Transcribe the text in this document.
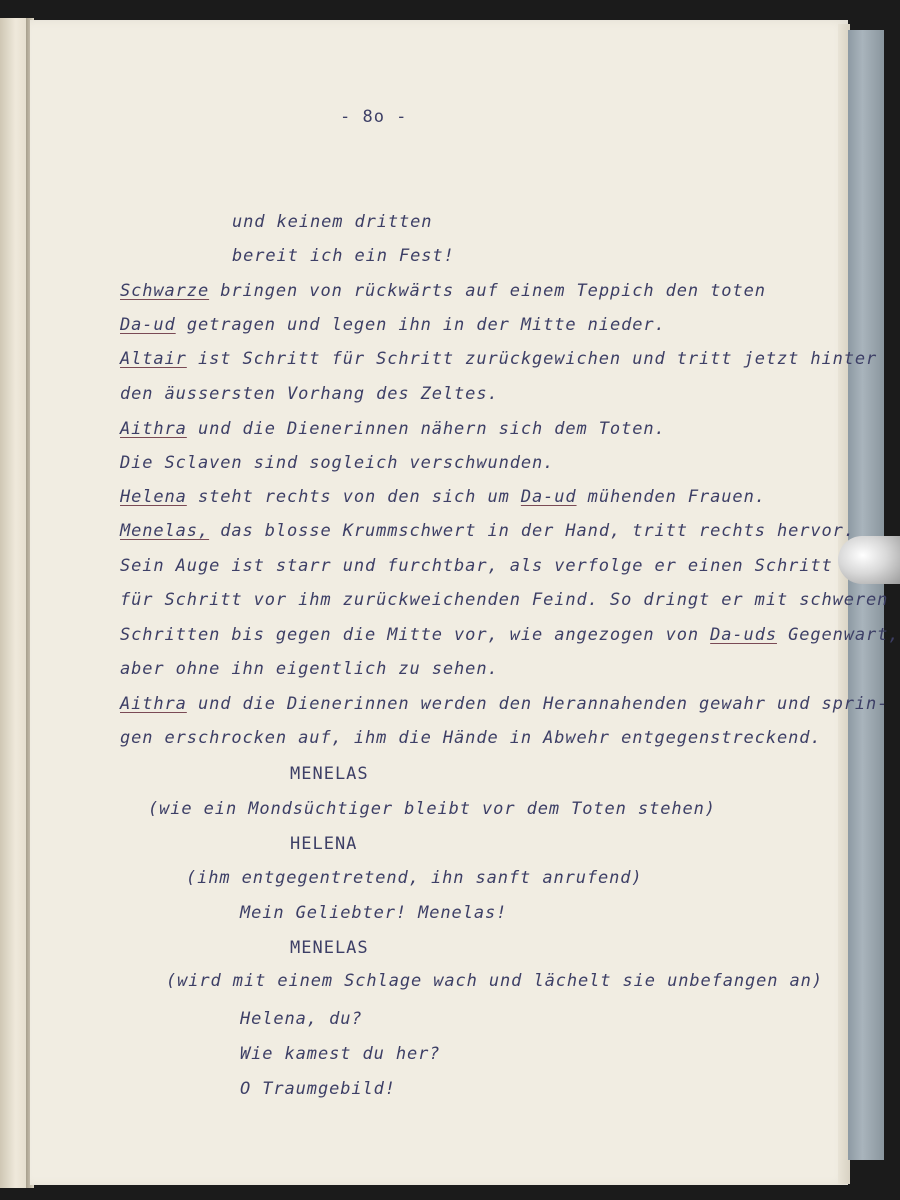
- 8o -
und keinem dritten
bereit ich ein Fest!
Schwarze bringen von rückwärts auf einem Teppich den toten
Da-ud getragen und legen ihn in der Mitte nieder.
Altair ist Schritt für Schritt zurückgewichen und tritt jetzt hinter
den äussersten Vorhang des Zeltes.
Aithra und die Dienerinnen nähern sich dem Toten.
Die Sclaven sind sogleich verschwunden.
Helena steht rechts von den sich um Da-ud mühenden Frauen.
Menelas, das blosse Krummschwert in der Hand, tritt rechts hervor.
Sein Auge ist starr und furchtbar, als verfolge er einen Schritt
für Schritt vor ihm zurückweichenden Feind. So dringt er mit schweren
Schritten bis gegen die Mitte vor, wie angezogen von Da-uds Gegenwart,
aber ohne ihn eigentlich zu sehen.
Aithra und die Dienerinnen werden den Herannahenden gewahr und sprin-
gen erschrocken auf, ihm die Hände in Abwehr entgegenstreckend.
MENELAS
(wie ein Mondsüchtiger bleibt vor dem Toten stehen)
HELENA
(ihm entgegentretend, ihn sanft anrufend)
Mein Geliebter! Menelas!
MENELAS
(wird mit einem Schlage wach und lächelt sie unbefangen an)
Helena, du?
Wie kamest du her?
O Traumgebild!
